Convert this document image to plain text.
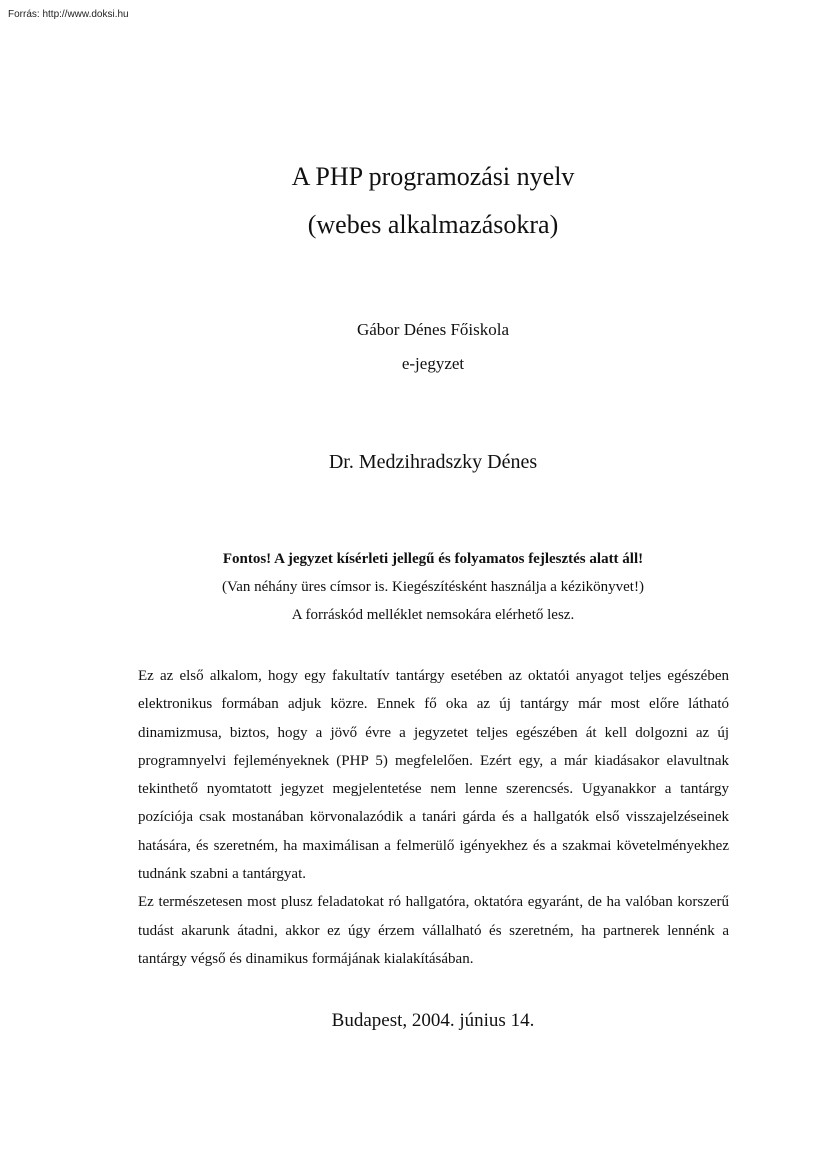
Forrás: http://www.doksi.hu
A PHP programozási nyelv
(webes alkalmazásokra)
Gábor Dénes Főiskola
e-jegyzet
Dr. Medzihradszky Dénes
Fontos! A jegyzet kísérleti jellegű és folyamatos fejlesztés alatt áll!
(Van néhány üres címsor is. Kiegészítésként használja a kézikönyvet!)
A forráskód melléklet nemsokára elérhető lesz.

Ez az első alkalom, hogy egy fakultatív tantárgy esetében az oktatói anyagot teljes egészében elektronikus formában adjuk közre. Ennek fő oka az új tantárgy már most előre látható dinamizmusa, biztos, hogy a jövő évre a jegyzetet teljes egészében át kell dolgozni az új programnyelvi fejleményeknek (PHP 5) megfelelően. Ezért egy, a már kiadásakor elavultnak tekinthető nyomtatott jegyzet megjelentetése nem lenne szerencsés. Ugyanakkor a tantárgy pozíciója csak mostanában körvonalazódik a tanári gárda és a hallgatók első visszajelzéseinek hatására, és szeretném, ha maximálisan a felmerülő igényekhez és a szakmai követelményekhez tudnánk szabni a tantárgyat.

Ez természetesen most plusz feladatokat ró hallgatóra, oktatóra egyaránt, de ha valóban korszerű tudást akarunk átadni, akkor ez úgy érzem vállalható és szeretném, ha partnerek lennénk a tantárgy végső és dinamikus formájának kialakításában.

Budapest, 2004. június 14.
